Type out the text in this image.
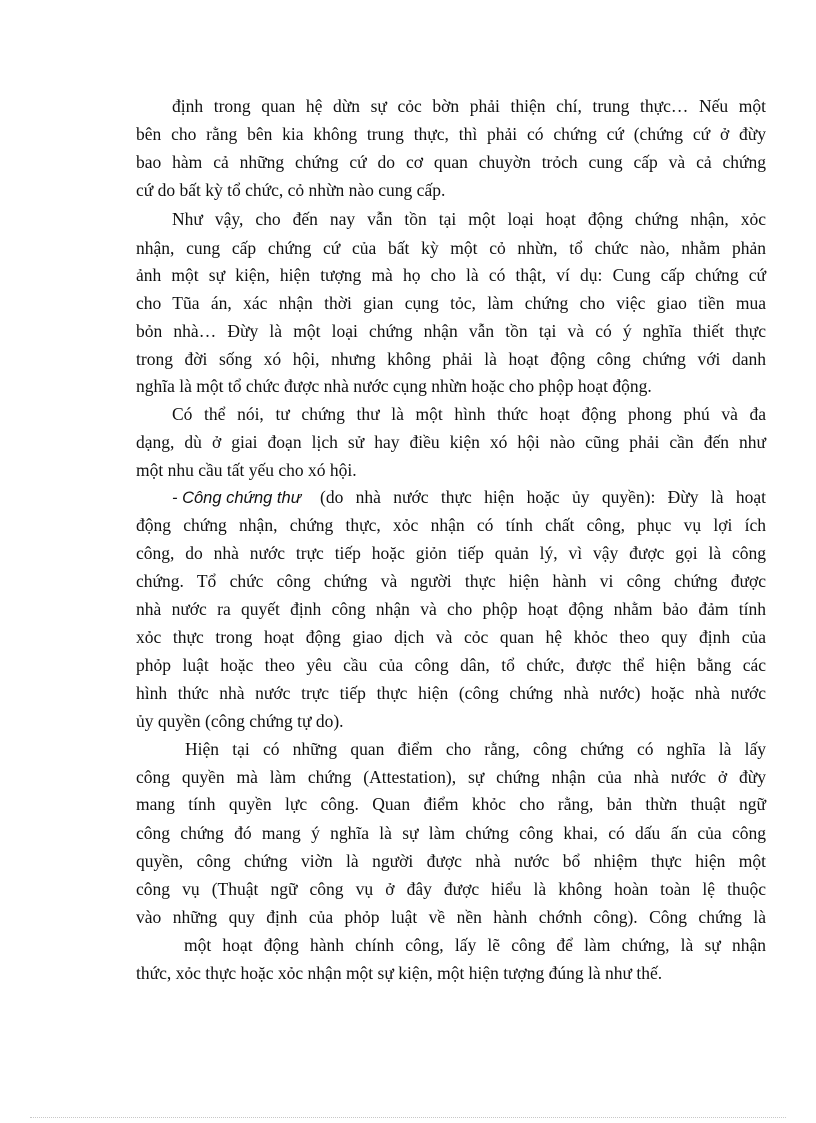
định trong quan hệ dừn sự cỏc bờn phải thiện chí, trung thực… Nếu một
bên cho rằng bên kia không trung thực, thì phải có chứng cứ (chứng cứ ở đừy
bao hàm cả những chứng cứ do cơ quan chuyờn trỏch cung cấp và cả chứng
cứ do bất kỳ tổ chức, cỏ nhừn nào cung cấp.
Như vậy, cho đến nay vẫn tồn tại một loại hoạt động chứng nhận, xỏc
nhận, cung cấp chứng cứ của bất kỳ một cỏ nhừn, tổ chức nào, nhằm phản
ảnh một sự kiện, hiện tượng mà họ cho là có thật, ví dụ: Cung cấp chứng cứ
cho Tũa án, xác nhận thời gian cụng tỏc, làm chứng cho việc giao tiền mua
bỏn nhà… Đừy là một loại chứng nhận vẫn tồn tại và có ý nghĩa thiết thực
trong đời sống xó hội, nhưng không phải là hoạt động công chứng với danh
nghĩa là một tổ chức được nhà nước cụng nhừn hoặc cho phộp hoạt động.
Có thể nói, tư chứng thư là một hình thức hoạt động phong phú và đa
dạng, dù ở giai đoạn lịch sử hay điều kiện xó hội nào cũng phải cần đến như
một nhu cầu tất yếu cho xó hội.
- Công chứng thư (do nhà nước thực hiện hoặc ủy quyền): Đừy là hoạt
động chứng nhận, chứng thực, xỏc nhận có tính chất công, phục vụ lợi ích
công, do nhà nước trực tiếp hoặc giỏn tiếp quản lý, vì vậy được gọi là công
chứng. Tổ chức công chứng và người thực hiện hành vi công chứng được
nhà nước ra quyết định công nhận và cho phộp hoạt động nhằm bảo đảm tính
xỏc thực trong hoạt động giao dịch và cỏc quan hệ khỏc theo quy định của
phỏp luật hoặc theo yêu cầu của công dân, tổ chức, được thể hiện bằng các
hình thức nhà nước trực tiếp thực hiện (công chứng nhà nước) hoặc nhà nước
ủy quyền (công chứng tự do).
Hiện tại có những quan điểm cho rằng, công chứng có nghĩa là lấy
công quyền mà làm chứng (Attestation), sự chứng nhận của nhà nước ở đừy
mang tính quyền lực công. Quan điểm khỏc cho rằng, bản thừn thuật ngữ
công chứng đó mang ý nghĩa là sự làm chứng công khai, có dấu ấn của công
quyền, công chứng viờn là người được nhà nước bổ nhiệm thực hiện một
công vụ (Thuật ngữ công vụ ở đây được hiểu là không hoàn toàn lệ thuộc
vào những quy định của phỏp luật về nền hành chớnh công). Công chứng là
một hoạt động hành chính công, lấy lẽ công để làm chứng, là sự nhận
thức, xỏc thực hoặc xỏc nhận một sự kiện, một hiện tượng đúng là như thế.
